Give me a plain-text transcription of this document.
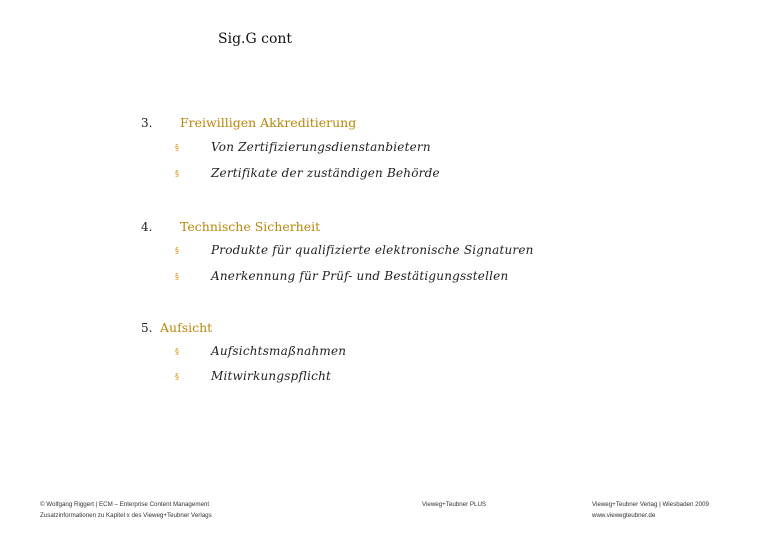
Sig.G cont
3. Freiwilligen Akkreditierung
§	Von Zertifizierungsdienstanbietern
§	Zertifikate der zuständigen Behörde
4. Technische Sicherheit
§	Produkte für qualifizierte elektronische Signaturen
§	Anerkennung für Prüf- und Bestätigungsstellen
5. Aufsicht
§	Aufsichtsmaßnahmen
§	Mitwirkungspflicht
© Wolfgang Riggert | ECM – Enterprise Content Management
Zusatzinformationen zu Kapitel x des Vieweg+Teubner Verlags
Vieweg+Teubner PLUS	Vieweg+Teubner Verlag | Wiesbaden 2009
www.viewegteubner.de
